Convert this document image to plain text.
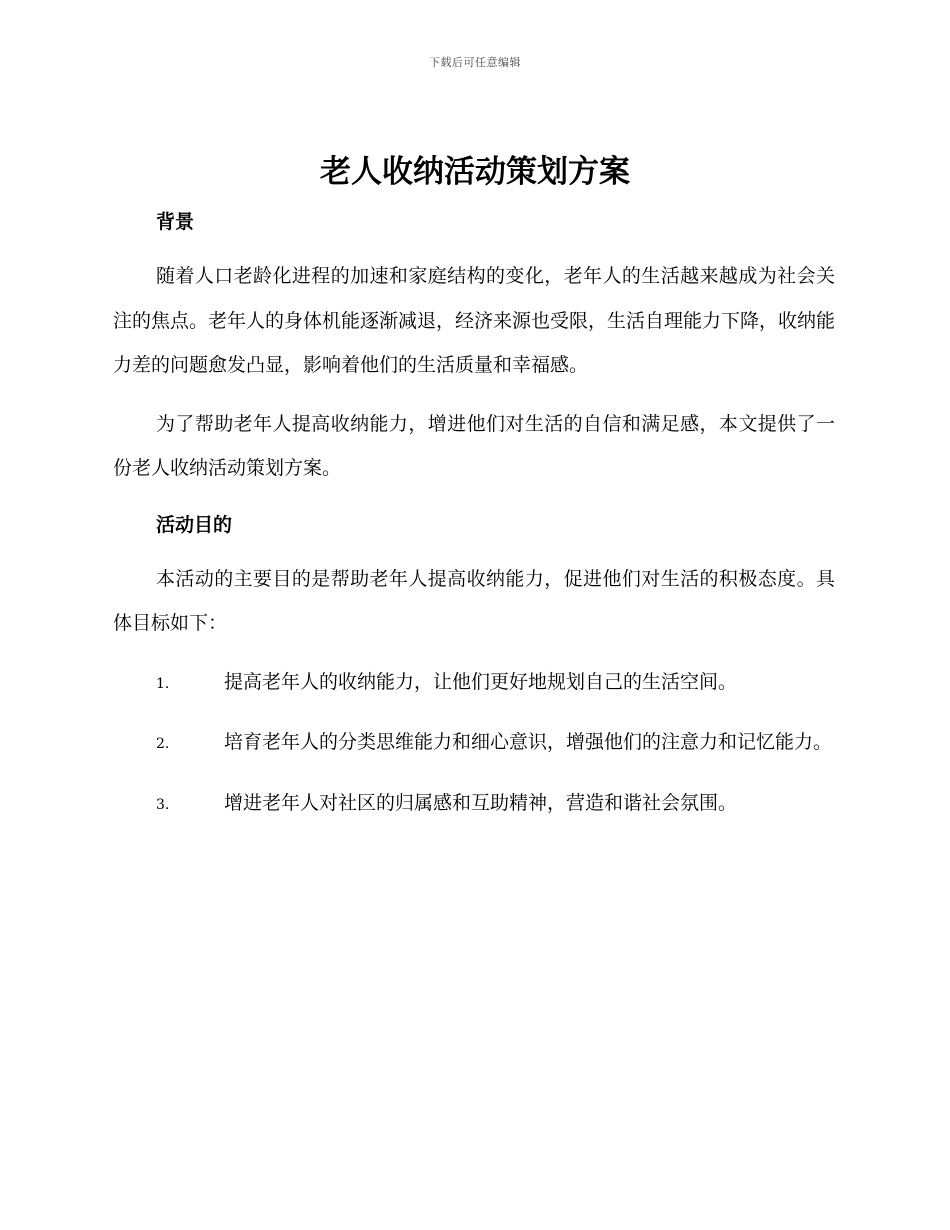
下载后可任意编辑
老人收纳活动策划方案

背景

随着人口老龄化进程的加速和家庭结构的变化，老年人的生活越来越成为社会关注的焦点。老年人的身体机能逐渐减退，经济来源也受限，生活自理能力下降，收纳能力差的问题愈发凸显，影响着他们的生活质量和幸福感。

为了帮助老年人提高收纳能力，增进他们对生活的自信和满足感，本文提供了一份老人收纳活动策划方案。

活动目的

本活动的主要目的是帮助老年人提高收纳能力，促进他们对生活的积极态度。具体目标如下：

1.	提高老年人的收纳能力，让他们更好地规划自己的生活空间。

2.	培育老年人的分类思维能力和细心意识，增强他们的注意力和记忆能力。

3.	增进老年人对社区的归属感和互助精神，营造和谐社会氛围。
